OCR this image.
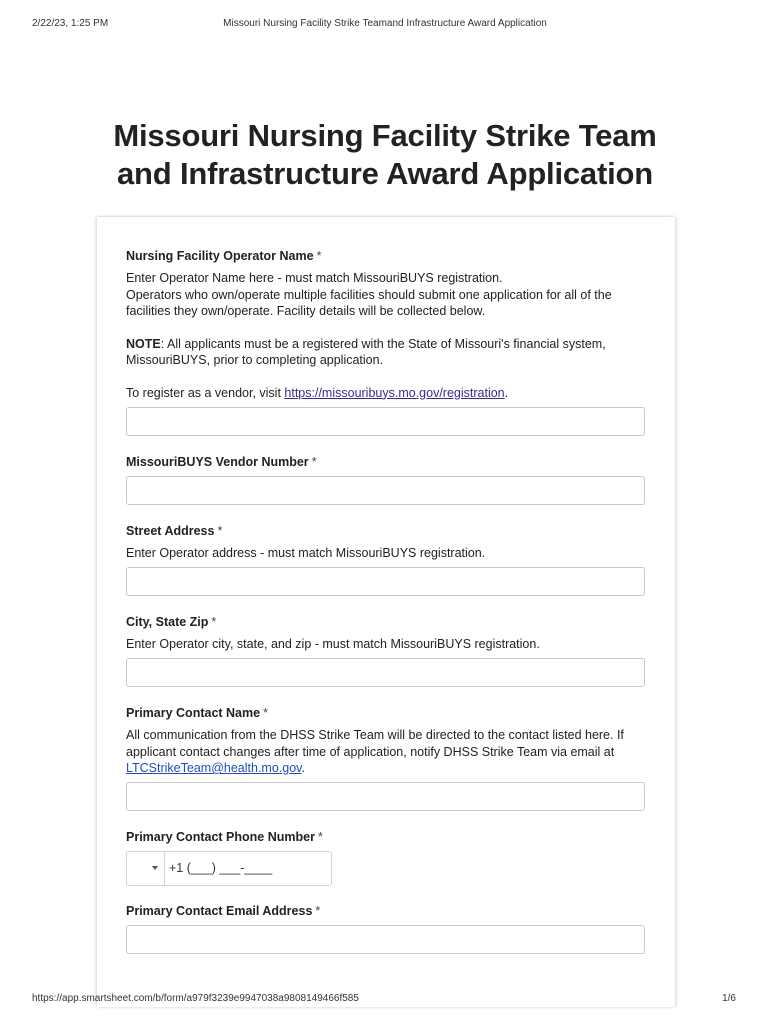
2/22/23, 1:25 PM	Missouri Nursing Facility Strike Teamand Infrastructure Award Application
Missouri Nursing Facility Strike Team
and Infrastructure Award Application
Nursing Facility Operator Name *

Enter Operator Name here - must match MissouriBUYS registration.
Operators who own/operate multiple facilities should submit one application for all of the facilities they own/operate. Facility details will be collected below.

NOTE: All applicants must be a registered with the State of Missouri's financial system, MissouriBUYS, prior to completing application.

To register as a vendor, visit https://missouribuys.mo.gov/registration.

MissouriBUYS Vendor Number *
Street Address *
Enter Operator address - must match MissouriBUYS registration.
City, State Zip *
Enter Operator city, state, and zip - must match MissouriBUYS registration.
Primary Contact Name *
All communication from the DHSS Strike Team will be directed to the contact listed here. If applicant contact changes after time of application, notify DHSS Strike Team via email at LTCStrikeTeam@health.mo.gov.
Primary Contact Phone Number *
+1 (___) ___-____
Primary Contact Email Address *
https://app.smartsheet.com/b/form/a979f3239e9947038a9808149466f585	1/6
